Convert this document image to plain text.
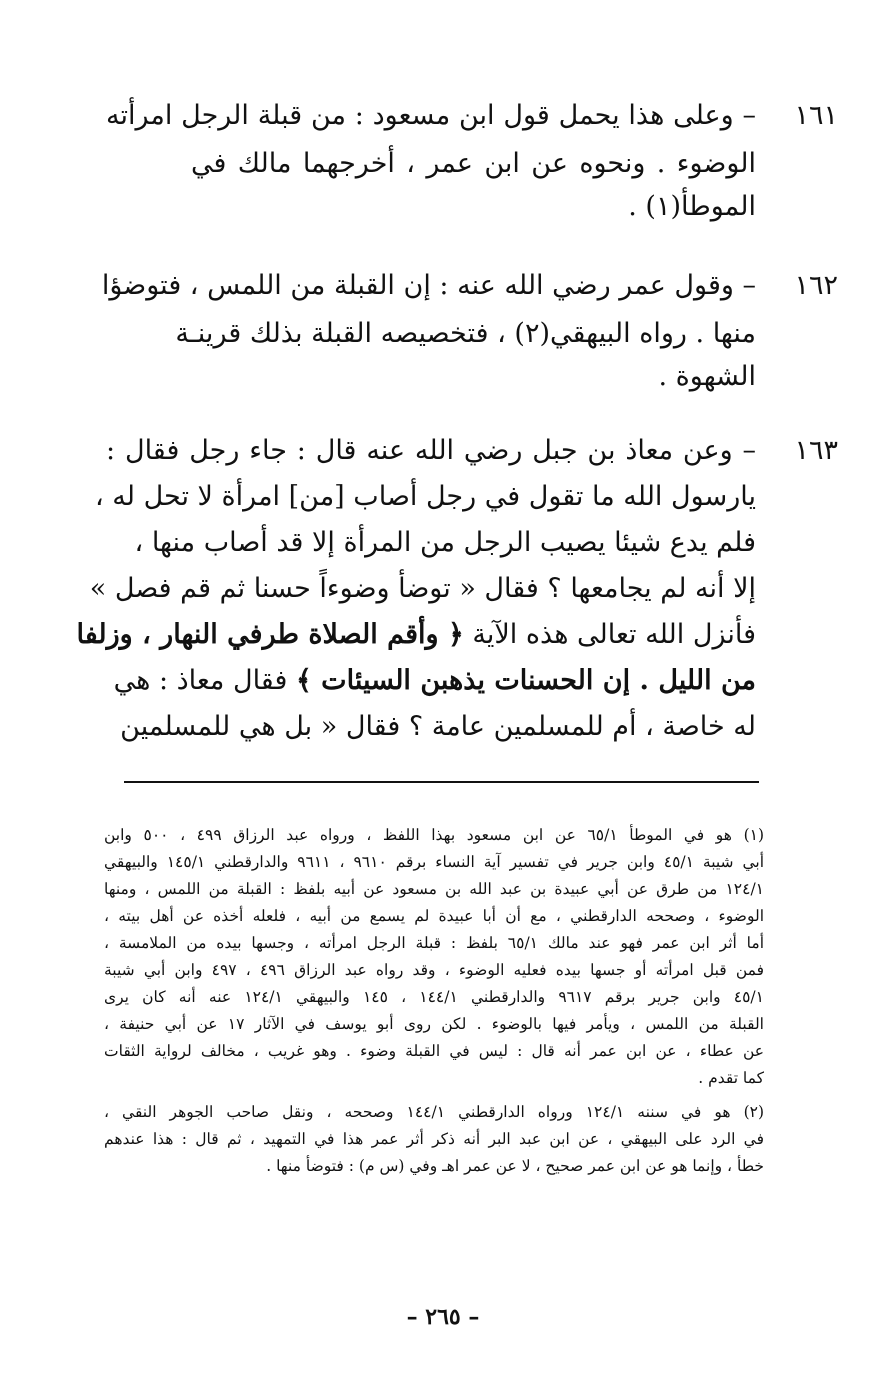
١٦١
– وعلى هذا يحمل قول ابن مسعود : من قبلة الرجل امرأته
الوضوء . ونحوه عن ابن عمر ، أخرجهما مالك في
الموطأ(١) .
١٦٢
– وقول عمر رضي الله عنه : إن القبلة من اللمس ، فتوضؤا
منها . رواه البيهقي(٢) ، فتخصيصه القبلة بذلك قرينـة
الشهوة .
١٦٣
– وعن معاذ بن جبل رضي الله عنه قال : جاء رجل فقال :
يارسول الله ما تقول في رجل أصاب [من] امرأة لا تحل له ،
فلم يدع شيئا يصيب الرجل من المرأة إلا قد أصاب منها ،
إلا أنه لم يجامعها ؟ فقال « توضأ وضوءاً حسنا ثم قم فصل »
فأنزل الله تعالى هذه الآية ﴿ وأقم الصلاة طرفي النهار ، وزلفا
من الليل . إن الحسنات يذهبن السيئات ﴾ فقال معاذ : هي
له خاصة ، أم للمسلمين عامة ؟ فقال « بل هي للمسلمين
(١) هو في الموطأ ٦٥/١ عن ابن مسعود بهذا اللفظ ، ورواه عبد الرزاق ٤٩٩ ، ٥٠٠ وابن
أبي شيبة ٤٥/١ وابن جرير في تفسير آية النساء برقم ٩٦١٠ ، ٩٦١١ والدارقطني ١٤٥/١ والبيهقي
١٢٤/١ من طرق عن أبي عبيدة بن عبد الله بن مسعود عن أبيه بلفظ : القبلة من اللمس ، ومنها
الوضوء ، وصححه الدارقطني ، مع أن أبا عبيدة لم يسمع من أبيه ، فلعله أخذه عن أهل بيته ،
أما أثر ابن عمر فهو عند مالك ٦٥/١ بلفظ : قبلة الرجل امرأته ، وجسها بيده من الملامسة ،
فمن قبل امرأته أو جسها بيده فعليه الوضوء ، وقد رواه عبد الرزاق ٤٩٦ ، ٤٩٧ وابن أبي شيبة
٤٥/١ وابن جرير برقم ٩٦١٧ والدارقطني ١٤٤/١ ، ١٤٥ والبيهقي ١٢٤/١ عنه أنه كان يرى
القبلة من اللمس ، ويأمر فيها بالوضوء . لكن روى أبو يوسف في الآثار ١٧ عن أبي حنيفة ،
عن عطاء ، عن ابن عمر أنه قال : ليس في القبلة وضوء . وهو غريب ، مخالف لرواية الثقات
كما تقدم .
(٢) هو في سننه ١٢٤/١ ورواه الدارقطني ١٤٤/١ وصححه ، ونقل صاحب الجوهر النقي ،
في الرد على البيهقي ، عن ابن عبد البر أنه ذكر أثر عمر هذا في التمهيد ، ثم قال : هذا عندهم
خطأ ، وإنما هو عن ابن عمر صحيح ، لا عن عمر اهـ وفي (س م) : فتوضأ منها .
– ٢٦٥ –
